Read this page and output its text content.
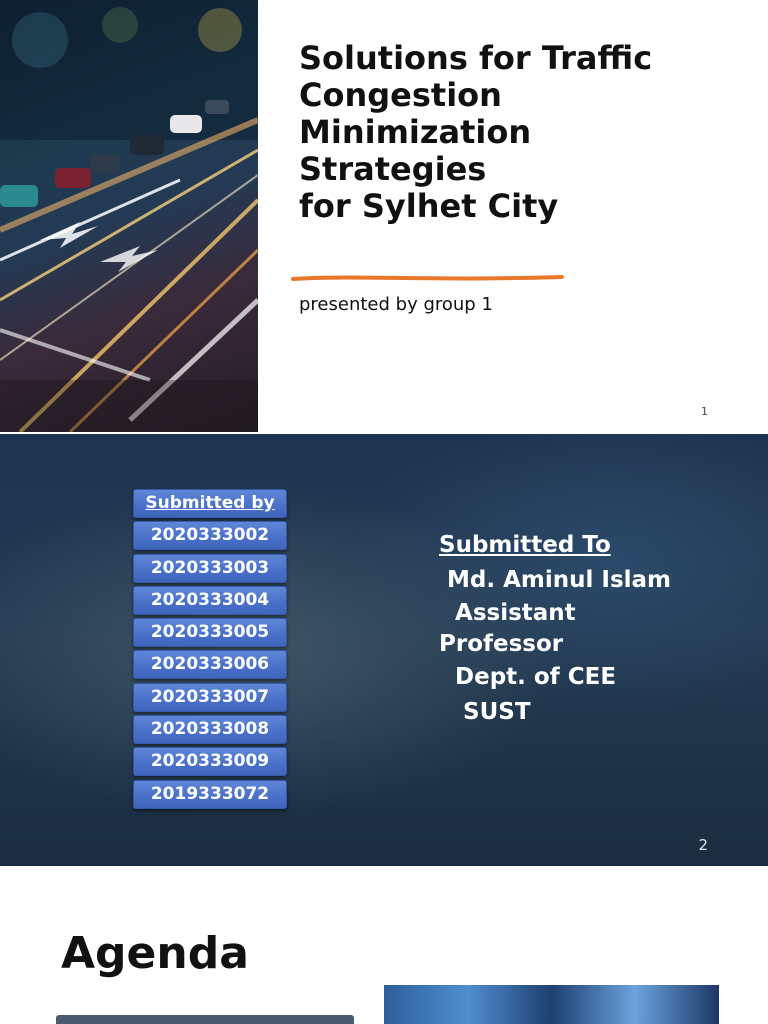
Solutions for Traffic
Congestion
Minimization
Strategies
for Sylhet City
presented by group 1
1
Submitted by
2020333002
2020333003
2020333004
2020333005
2020333006
2020333007
2020333008
2020333009
2019333072
Submitted To
Md. Aminul Islam
Assistant
Professor
Dept. of CEE
SUST
2
Agenda
